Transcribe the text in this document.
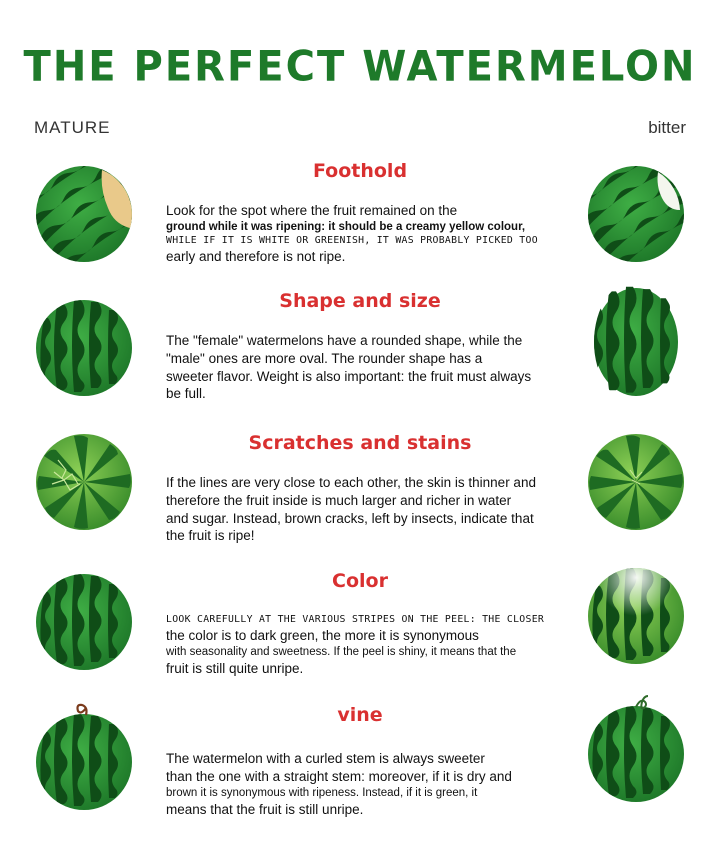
THE PERFECT WATERMELON
MATURE	bitter
Foothold
Look for the spot where the fruit remained on the
ground while it was ripening: it should be a creamy yellow colour,
WHILE IF IT IS WHITE OR GREENISH, IT WAS PROBABLY PICKED TOO
early and therefore is not ripe.
Shape and size
The "female" watermelons have a rounded shape, while the
"male" ones are more oval. The rounder shape has a
sweeter flavor. Weight is also important: the fruit must always
be full.
Scratches and stains
If the lines are very close to each other, the skin is thinner and
therefore the fruit inside is much larger and richer in water
and sugar. Instead, brown cracks, left by insects, indicate that
the fruit is ripe!
Color
LOOK CAREFULLY AT THE VARIOUS STRIPES ON THE PEEL: THE CLOSER
the color is to dark green, the more it is synonymous
with seasonality and sweetness. If the peel is shiny, it means that the
fruit is still quite unripe.
vine
The watermelon with a curled stem is always sweeter
than the one with a straight stem: moreover, if it is dry and
brown it is synonymous with ripeness. Instead, if it is green, it
means that the fruit is still unripe.
